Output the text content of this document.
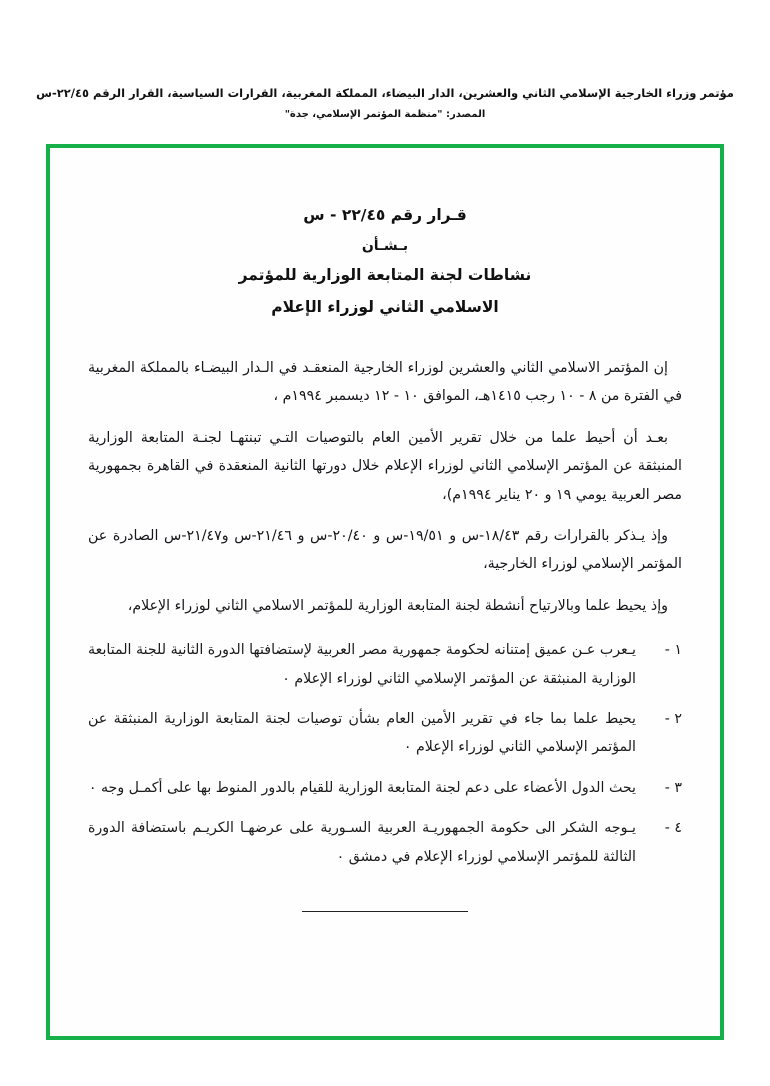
مؤتمر وزراء الخارجية الإسلامي الثاني والعشرين، الدار البيضاء، المملكة المغربية، القرارات السياسية، القرار الرقم ٢٢/٤٥-س
المصدر: "منظمة المؤتمر الإسلامي، جدة"
قـرار رقم ٢٢/٤٥ - س
بـشـأن
نشاطات لجنة المتابعة الوزارية للمؤتمر
الاسلامي الثاني لوزراء الإعلام

إن المؤتمر الاسلامي الثاني والعشرين لوزراء الخارجية المنعقـد في الـدار البيضـاء بالمملكة المغربية في الفترة من ٨ - ١٠ رجب ١٤١٥هـ، الموافق ١٠ - ١٢ ديسمبر ١٩٩٤م ،

بعـد أن أحيط علما من خلال تقرير الأمين العام بالتوصيات التـي تبنتهـا لجنـة المتابعة الوزارية المنبثقة عن المؤتمر الإسلامي الثاني لوزراء الإعلام خلال دورتها الثانية المنعقدة في القاهرة بجمهورية مصر العربية يومي ١٩ و ٢٠ يناير ١٩٩٤م)،

وإذ يـذكر بالقرارات رقم ١٨/٤٣-س و ١٩/٥١-س و ٢٠/٤٠-س و ٢١/٤٦-س و٢١/٤٧-س الصادرة عن المؤتمر الإسلامي لوزراء الخارجية،

وإذ يحيط علما وبالارتياح أنشطة لجنة المتابعة الوزارية للمؤتمر الاسلامي الثاني لوزراء الإعلام،

١ -
يـعرب عـن عميق إمتنانه لحكومة جمهورية مصر العربية لإستضافتها الدورة الثانية للجنة المتابعة الوزارية المنبثقة عن المؤتمر الإسلامي الثاني لوزراء الإعلام ٠
٢ -
يحيط علما بما جاء في تقرير الأمين العام بشأن توصيات لجنة المتابعة الوزارية المنبثقة عن المؤتمر الإسلامي الثاني لوزراء الإعلام ٠
٣ -
يحث الدول الأعضاء على دعم لجنة المتابعة الوزارية للقيام بالدور المنوط بها على أكمـل وجه ٠
٤ -
يـوجه الشكر الى حكومة الجمهوريـة العربية السـورية على عرضهـا الكريـم باستضافة الدورة الثالثة للمؤتمر الإسلامي لوزراء الإعلام في دمشق ٠
